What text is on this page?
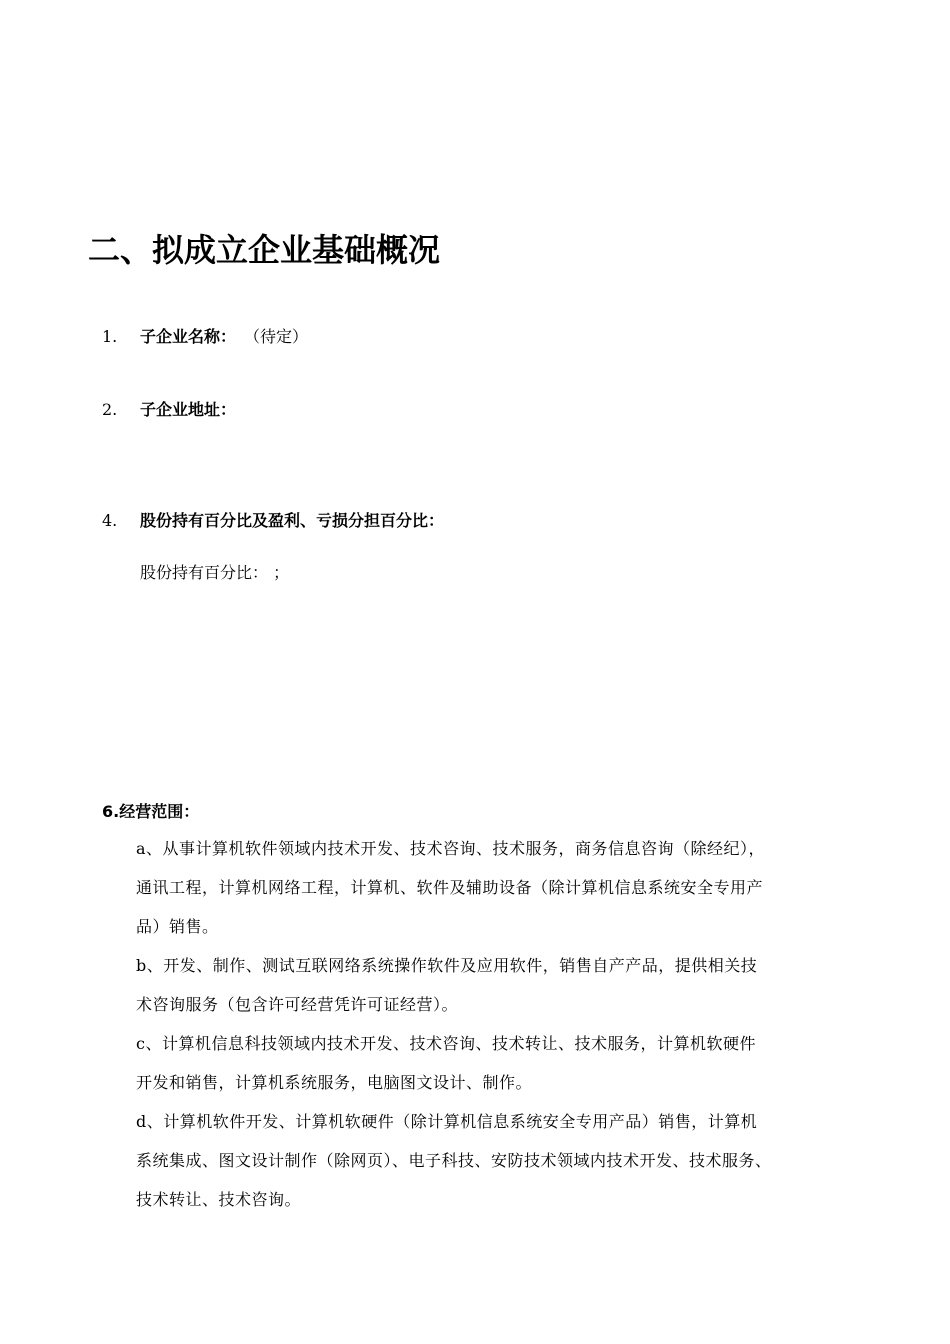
二、拟成立企业基础概况
1. 子企业名称： （待定）
2. 子企业地址：
4. 股份持有百分比及盈利、亏损分担百分比：
股份持有百分比： ；
6.经营范围：
a、从事计算机软件领域内技术开发、技术咨询、技术服务，商务信息咨询（除经纪），
通讯工程，计算机网络工程，计算机、软件及辅助设备（除计算机信息系统安全专用产
品）销售。
b、开发、制作、测试互联网络系统操作软件及应用软件，销售自产产品，提供相关技
术咨询服务（包含许可经营凭许可证经营）。
c、计算机信息科技领域内技术开发、技术咨询、技术转让、技术服务，计算机软硬件
开发和销售，计算机系统服务，电脑图文设计、制作。
d、计算机软件开发、计算机软硬件（除计算机信息系统安全专用产品）销售，计算机
系统集成、图文设计制作（除网页）、电子科技、安防技术领域内技术开发、技术服务、
技术转让、技术咨询。
